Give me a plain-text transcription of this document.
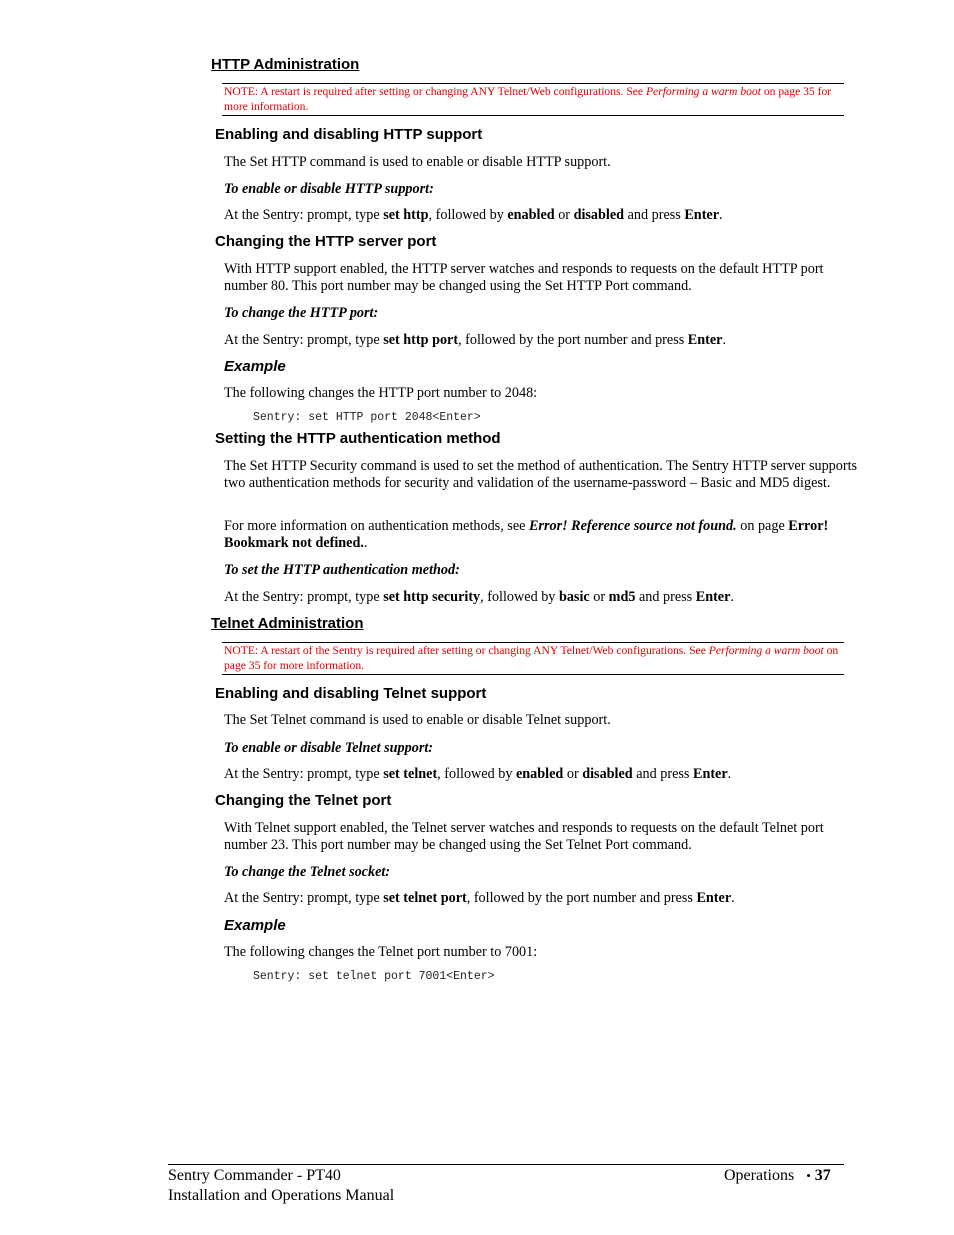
HTTP Administration
NOTE: A restart is required after setting or changing ANY Telnet/Web configurations. See Performing a warm boot on page 35 for more information.
Enabling and disabling HTTP support
The Set HTTP command is used to enable or disable HTTP support.
To enable or disable HTTP support:
At the Sentry: prompt, type set http, followed by enabled or disabled and press Enter.
Changing the HTTP server port
With HTTP support enabled, the HTTP server watches and responds to requests on the default HTTP port number 80. This port number may be changed using the Set HTTP Port command.
To change the HTTP port:
At the Sentry: prompt, type set http port, followed by the port number and press Enter.
Example
The following changes the HTTP port number to 2048:
Sentry: set HTTP port 2048<Enter>
Setting the HTTP authentication method
The Set HTTP Security command is used to set the method of authentication. The Sentry HTTP server supports two authentication methods for security and validation of the username-password – Basic and MD5 digest.
For more information on authentication methods, see Error! Reference source not found. on page Error! Bookmark not defined..
To set the HTTP authentication method:
At the Sentry: prompt, type set http security, followed by basic or md5 and press Enter.
Telnet Administration
NOTE: A restart of the Sentry is required after setting or changing ANY Telnet/Web configurations. See Performing a warm boot on page 35 for more information.
Enabling and disabling Telnet support
The Set Telnet command is used to enable or disable Telnet support.
To enable or disable Telnet support:
At the Sentry: prompt, type set telnet, followed by enabled or disabled and press Enter.
Changing the Telnet port
With Telnet support enabled, the Telnet server watches and responds to requests on the default Telnet port number 23. This port number may be changed using the Set Telnet Port command.
To change the Telnet socket:
At the Sentry: prompt, type set telnet port, followed by the port number and press Enter.
Example
The following changes the Telnet port number to 7001:
Sentry: set telnet port 7001<Enter>
Sentry Commander - PT40
Installation and Operations Manual
Operations • 37
